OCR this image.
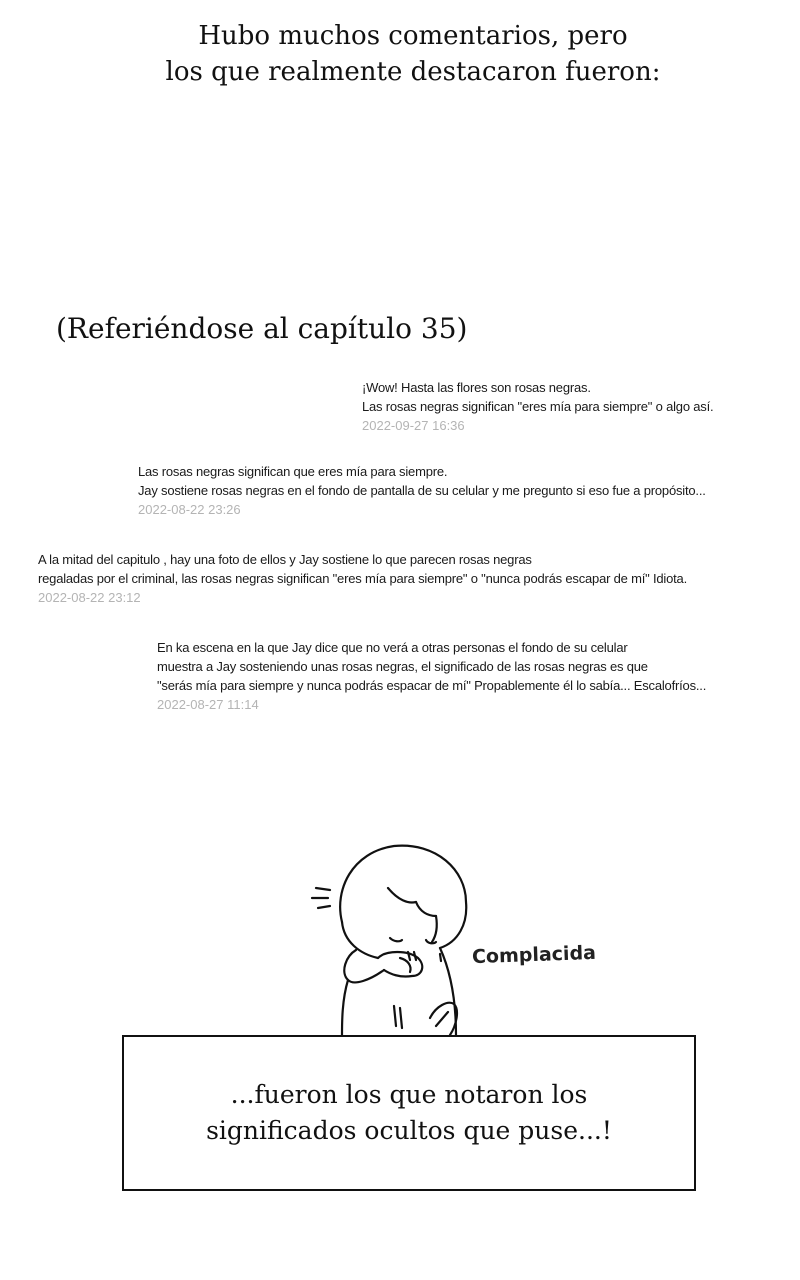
Hubo muchos comentarios, pero
los que realmente destacaron fueron:
(Referiéndose al capítulo 35)
¡Wow! Hasta las flores son rosas negras.
Las rosas negras significan "eres mía para siempre" o algo así.
2022-09-27 16:36
Las rosas negras significan que eres mía para siempre.
Jay sostiene rosas negras en el fondo de pantalla de su celular y me pregunto si eso fue a propósito...
2022-08-22 23:26
A la mitad del capitulo , hay una foto de ellos y Jay sostiene lo que parecen rosas negras
regaladas por el criminal, las rosas negras significan "eres mía para siempre" o "nunca podrás escapar de mí" Idiota.
2022-08-22 23:12
En ka escena en la que Jay dice que no verá a otras personas el fondo de su celular
muestra a Jay sosteniendo unas rosas negras, el significado de las rosas negras es que
"serás mía para siempre y nunca podrás espacar de mí" Propablemente él lo sabía... Escalofríos...
2022-08-27 11:14
Complacida
...fueron los que notaron los
significados ocultos que puse...!
